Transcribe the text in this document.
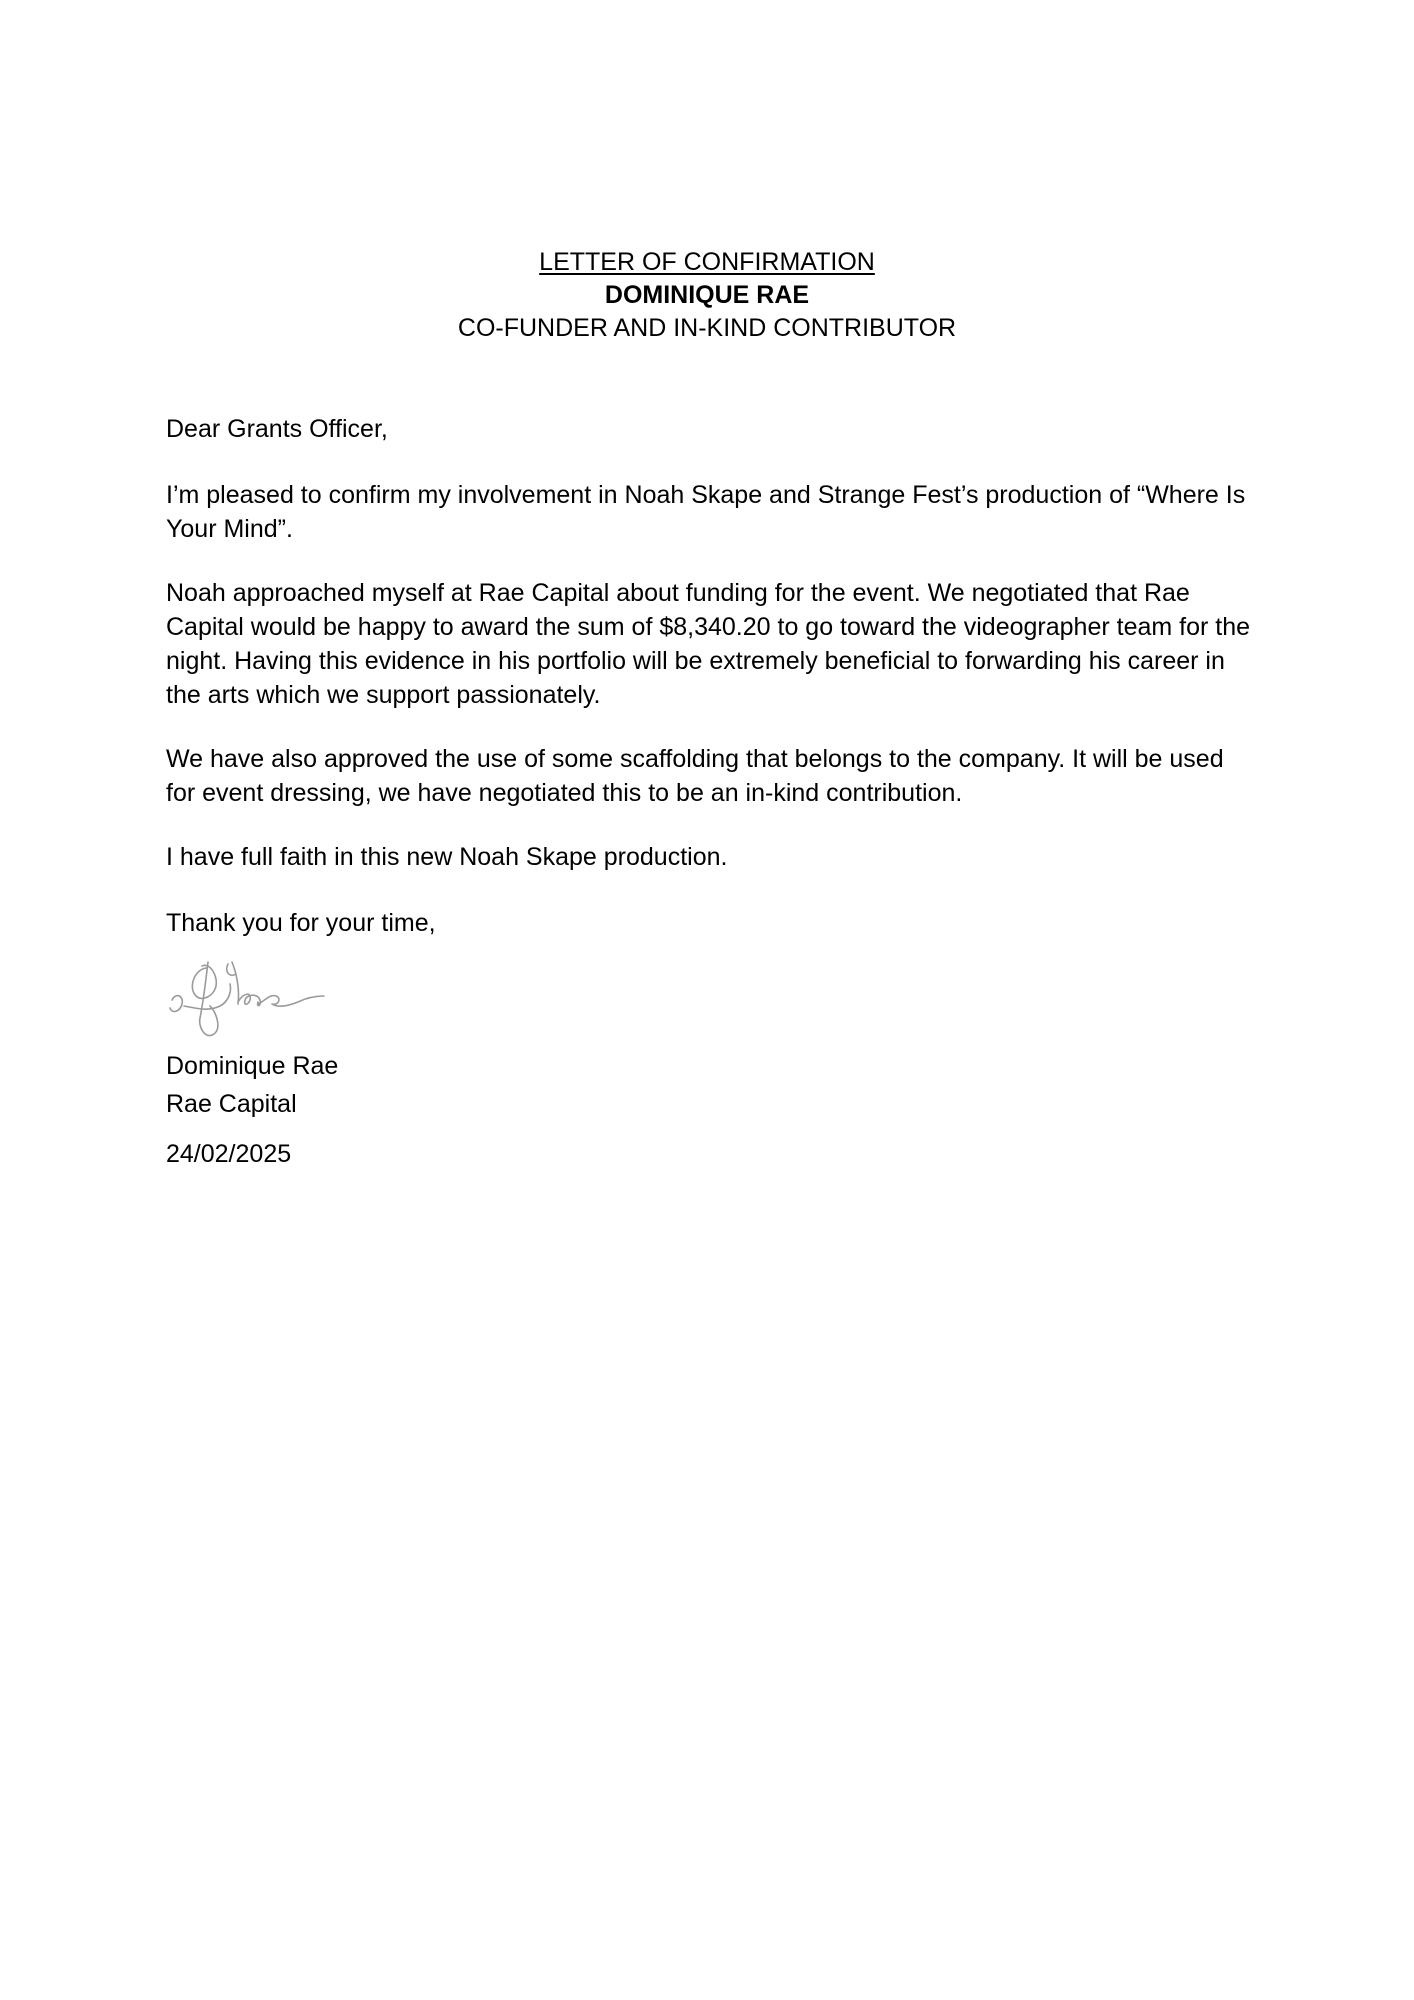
LETTER OF CONFIRMATION
DOMINIQUE RAE
CO-FUNDER AND IN-KIND CONTRIBUTOR

Dear Grants Officer,

I’m pleased to confirm my involvement in Noah Skape and Strange Fest’s production of “Where Is Your Mind”.

Noah approached myself at Rae Capital about funding for the event. We negotiated that Rae Capital would be happy to award the sum of $8,340.20 to go toward the videographer team for the night. Having this evidence in his portfolio will be extremely beneficial to forwarding his career in the arts which we support passionately.

We have also approved the use of some scaffolding that belongs to the company. It will be used for event dressing, we have negotiated this to be an in-kind contribution.

I have full faith in this new Noah Skape production.

Thank you for your time,

Dominique Rae

Rae Capital

24/02/2025
